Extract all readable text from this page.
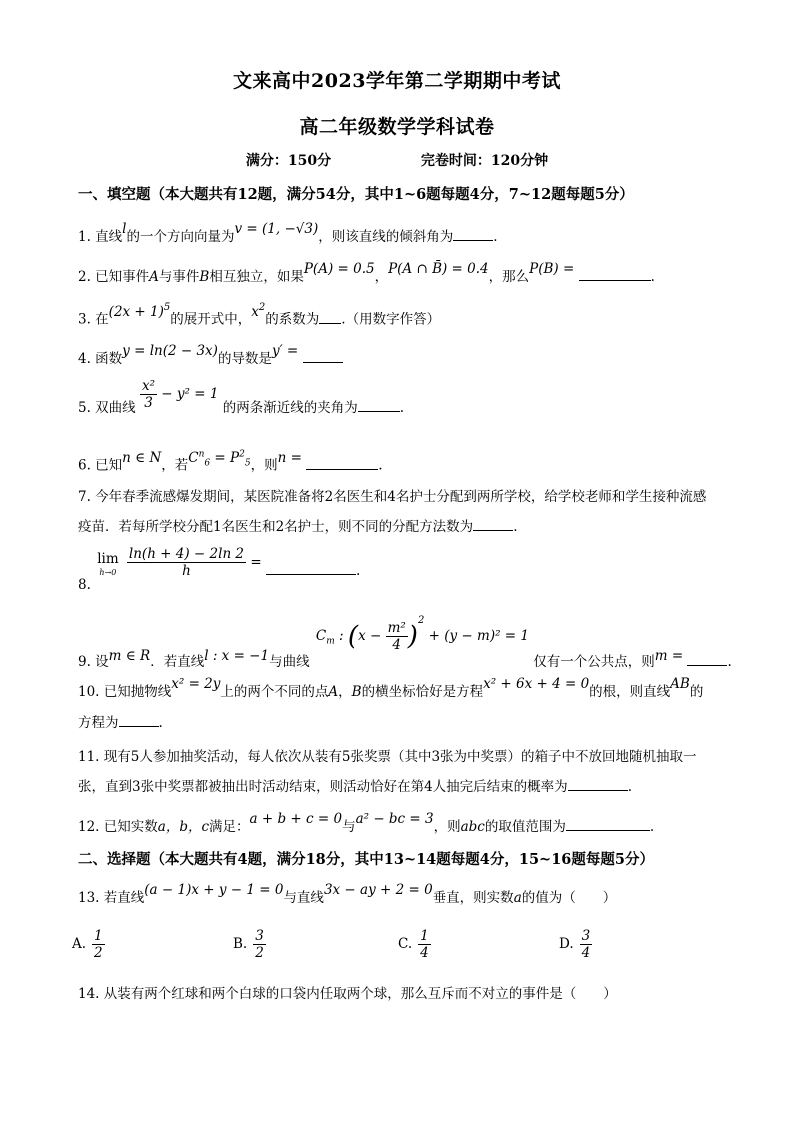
文来高中2023学年第二学期期中考试
高二年级数学学科试卷
满分：150分	完卷时间：120分钟
一、填空题（本大题共有12题，满分54分，其中1~6题每题4分，7~12题每题5分）
1. 直线l的一个方向向量为v = (1, −√3)，则该直线的倾斜角为	.
2. 已知事件A与事件B相互独立，如果P(A) = 0.5，P(A ∩ B̄) = 0.4，那么P(B) =	.
3. 在$(2x + 1)^5$的展开式中，$x^2$的系数为 .（用数字作答）
4. 函数y = ln(2 − 3x)的导数是y′ =
5. 双曲线 $\frac{\text{x²}}{3} - y^2 = 1$ 的两条渐近线的夹角为	.
6. 已知n ∈ N，若$C^n_6 = P^2_5$，则n =	.
7. 今年春季流感爆发期间，某医院准备将2名医生和4名护士分配到两所学校，给学校老师和学生接种流感疫苗．若每所学校分配1名医生和2名护士，则不同的分配方法数为	.
8.
lim
h→0
$\frac{\ln(h + 4) - 2\ln 2}{h}$ = .
9. 设m ∈ R．若直线l : x = −1与曲线 $C_m$ : $(x - \frac{\text{m²}}{4} )^2 + (y - m)^2 = 1$ 仅有一个公共点，则m =	.
10. 已知抛物线x² = 2y上的两个不同的点A，B的横坐标恰好是方程x² + 6x + 4 = 0的根，则直线AB的
方程为	.
11. 现有5人参加抽奖活动，每人依次从装有5张奖票（其中3张为中奖票）的箱子中不放回地随机抽取一张，直到3张中奖票都被抽出时活动结束，则活动恰好在第4人抽完后结束的概率为	.
12. 已知实数a，b，c满足：a + b + c = 0与a² − bc = 3，则abc的取值范围为	.
二、选择题（本大题共有4题，满分18分，其中13~14题每题4分，15~16题每题5分）
13. 若直线(a − 1)x + y − 1 = 0与直线3x − ay + 2 = 0垂直，则实数a的值为（　　）
A. $\frac{1}{2}$	B. $\frac{3}{2}$	C. $\frac{1}{4}$	D. $\frac{3}{4}$
14. 从装有两个红球和两个白球的口袋内任取两个球，那么互斥而不对立的事件是（　　）
